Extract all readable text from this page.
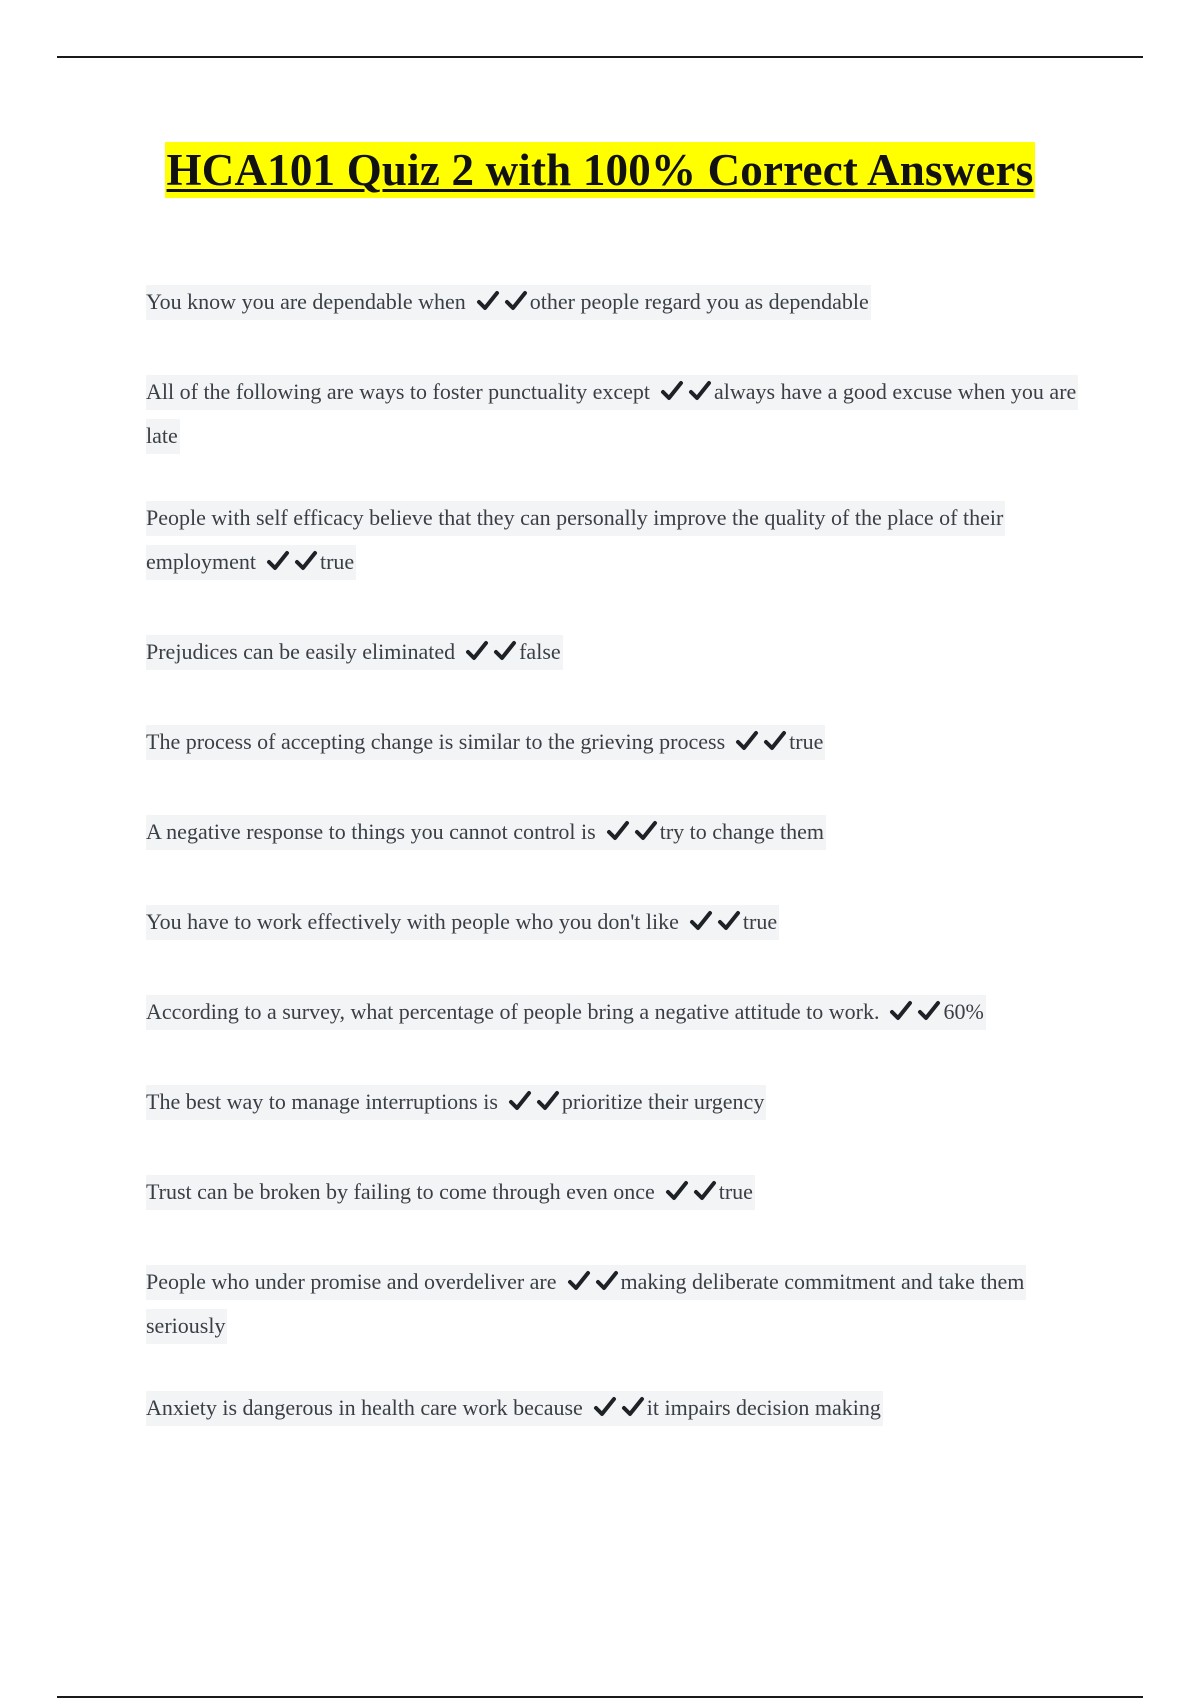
HCA101 Quiz 2 with 100% Correct Answers

You know you are dependable when	other people regard you as dependable

All of the following are ways to foster punctuality except	always have a good excuse when you are late

People with self efficacy believe that they can personally improve the quality of the place of their employment	true

Prejudices can be easily eliminated	false

The process of accepting change is similar to the grieving process	true

A negative response to things you cannot control is	try to change them

You have to work effectively with people who you don't like	true

According to a survey, what percentage of people bring a negative attitude to work.	60%

The best way to manage interruptions is	prioritize their urgency

Trust can be broken by failing to come through even once	true

People who under promise and overdeliver are	making deliberate commitment and take them seriously

Anxiety is dangerous in health care work because	it impairs decision making
